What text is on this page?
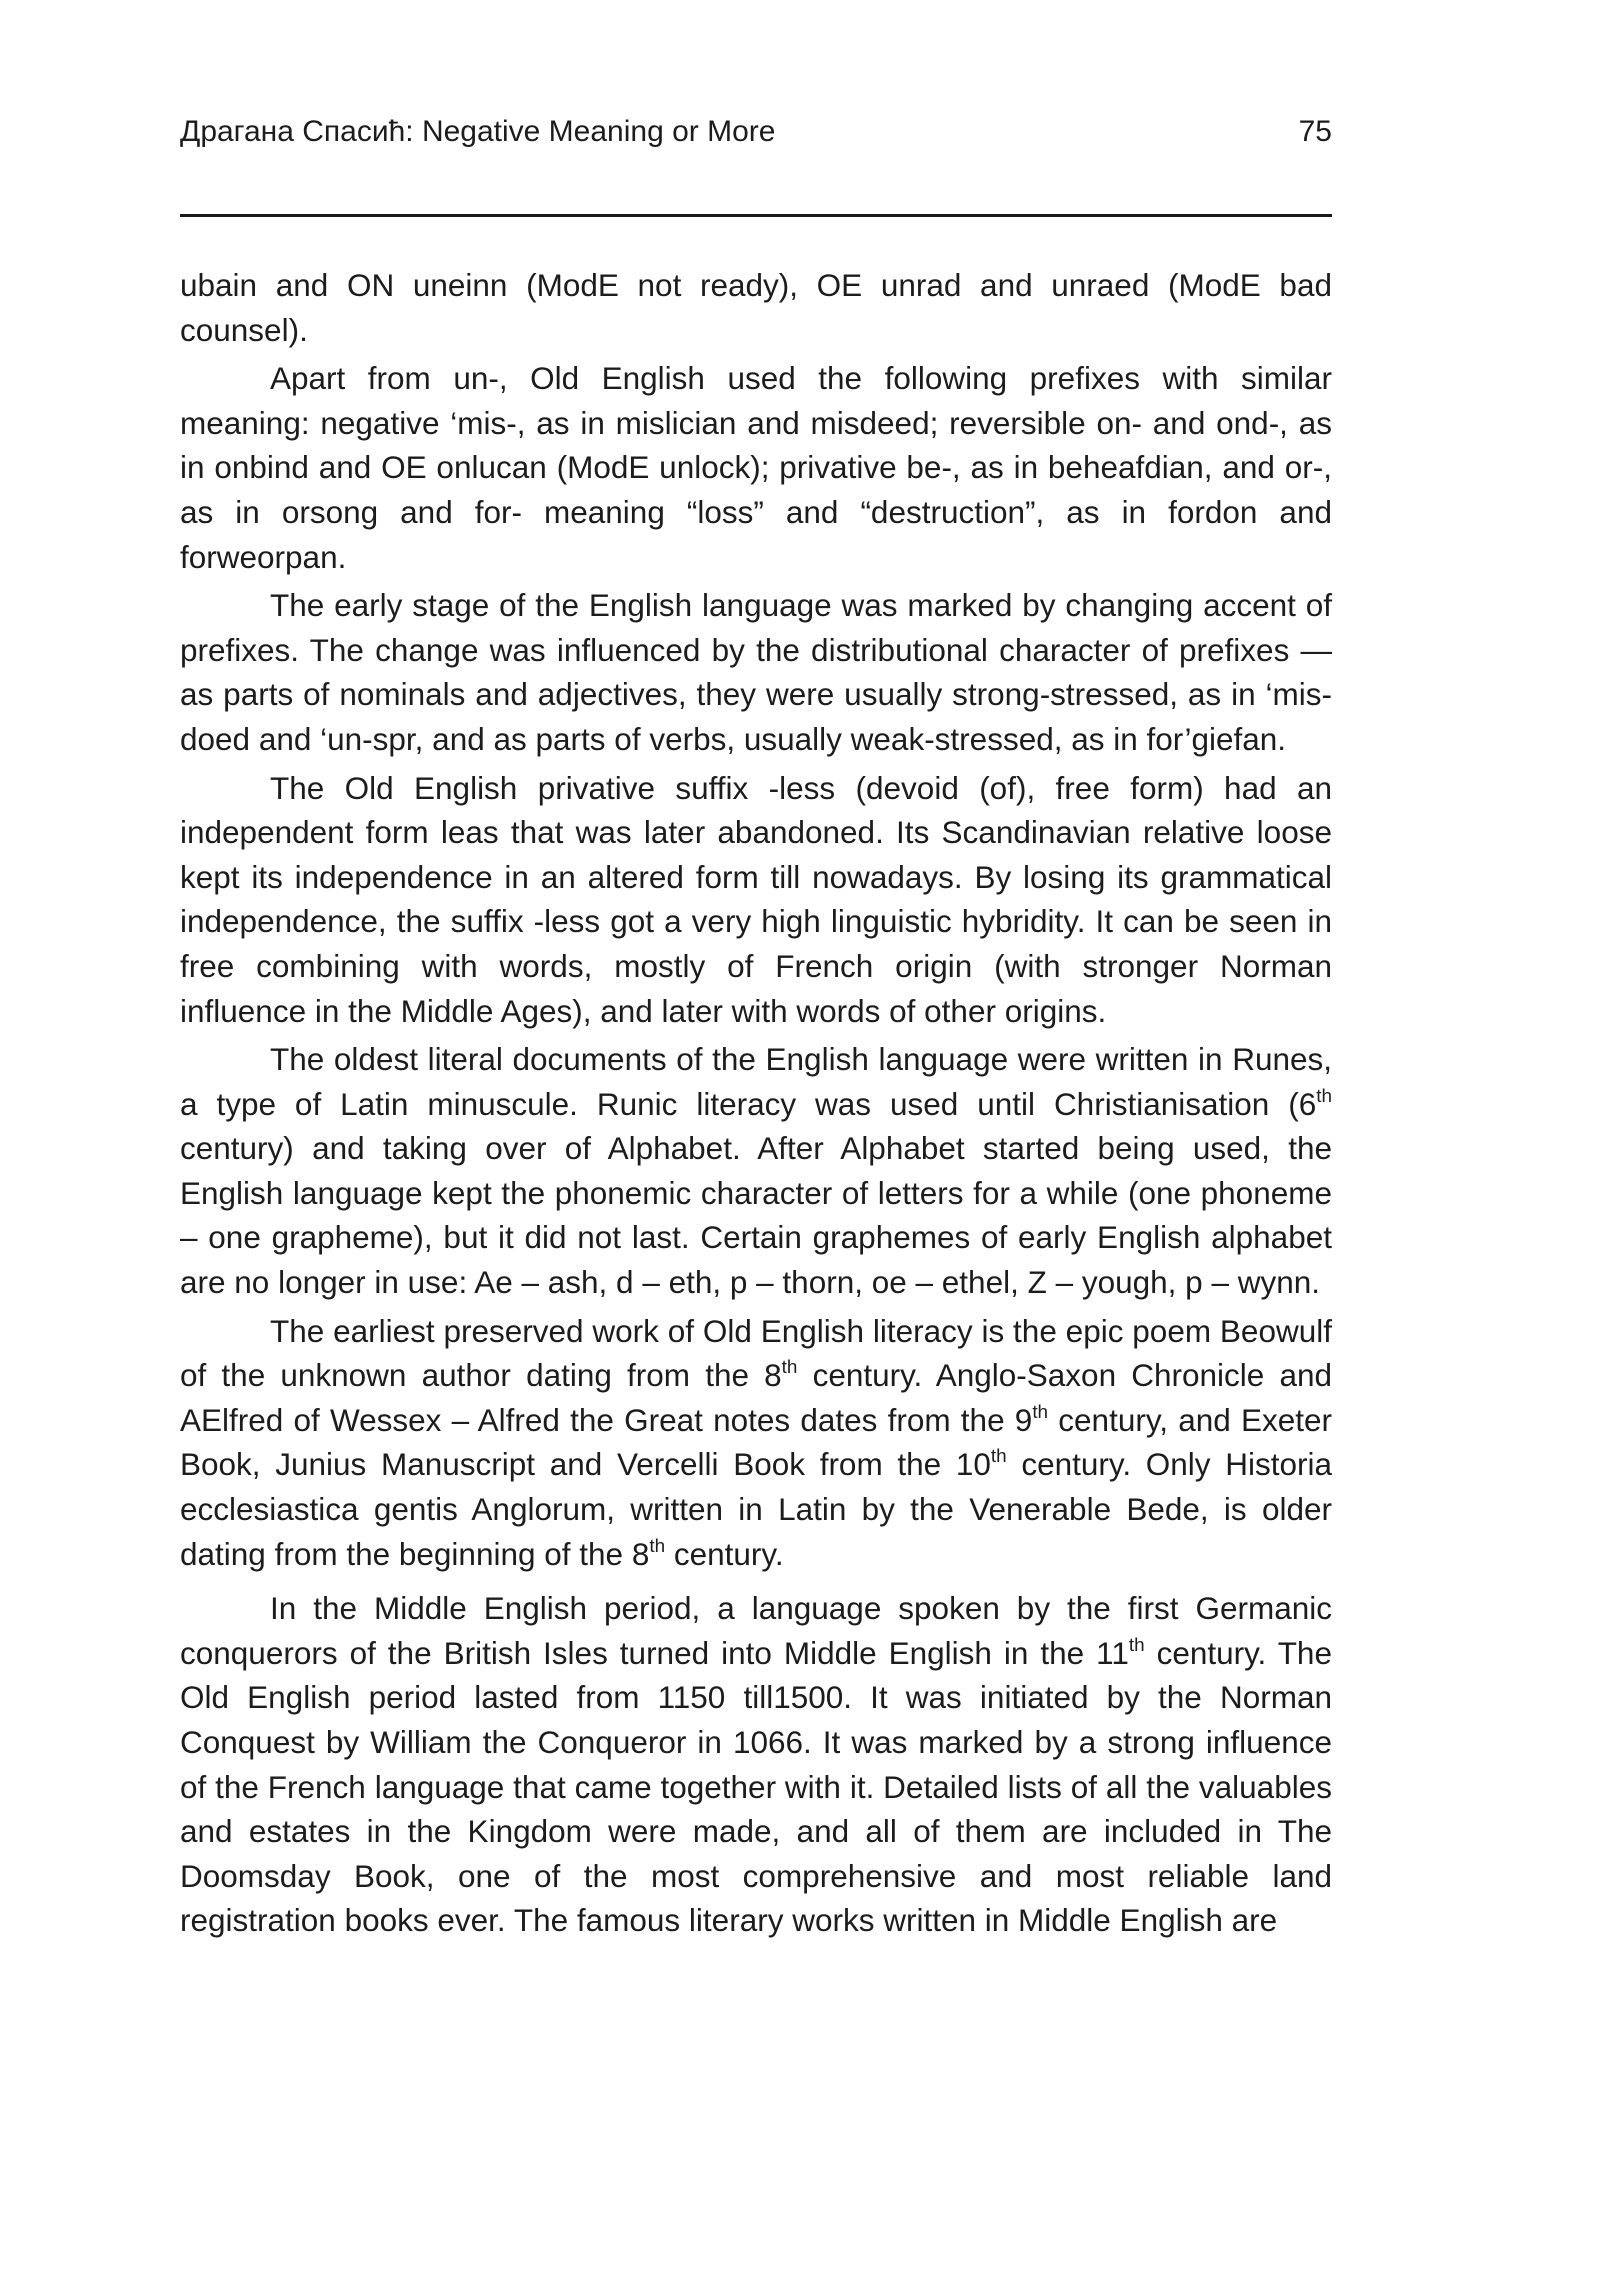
Драгана Спасић: Negative Meaning or More	75

ubain and ON uneinn (ModE not ready), OE unrad and unraed (ModE bad counsel).

Apart from un-, Old English used the following prefixes with similar meaning: negative ‘mis-, as in mislician and misdeed; reversible on- and ond-, as in onbind and OE onlucan (ModE unlock); privative be-, as in beheafdian, and or-, as in orsong and for- meaning “loss” and “destruction”, as in fordon and forweorpan.

The early stage of the English language was marked by changing accent of prefixes. The change was influenced by the distributional character of prefixes — as parts of nominals and adjectives, they were usually strong-stressed, as in ‘mis-doed and ‘un-spr, and as parts of verbs, usually weak-stressed, as in for’giefan.

The Old English privative suffix -less (devoid (of), free form) had an independent form leas that was later abandoned. Its Scandinavian relative loose kept its independence in an altered form till nowadays. By losing its grammatical independence, the suffix -less got a very high linguistic hybridity. It can be seen in free combining with words, mostly of French origin (with stronger Norman influence in the Middle Ages), and later with words of other origins.

The oldest literal documents of the English language were written in Runes, a type of Latin minuscule. Runic literacy was used until Christianisation (6th century) and taking over of Alphabet. After Alphabet started being used, the English language kept the phonemic character of letters for a while (one phoneme – one grapheme), but it did not last. Certain graphemes of early English alphabet are no longer in use: Ae – ash, d – eth, p – thorn, oe – ethel, Z – yough, p – wynn.

The earliest preserved work of Old English literacy is the epic poem Beowulf of the unknown author dating from the 8th century. Anglo-Saxon Chronicle and AElfred of Wessex – Alfred the Great notes dates from the 9th century, and Exeter Book, Junius Manuscript and Vercelli Book from the 10th century. Only Historia ecclesiastica gentis Anglorum, written in Latin by the Venerable Bede, is older dating from the beginning of the 8th century.

In the Middle English period, a language spoken by the first Germanic conquerors of the British Isles turned into Middle English in the 11th century. The Old English period lasted from 1150 till1500. It was initiated by the Norman Conquest by William the Conqueror in 1066. It was marked by a strong influence of the French language that came together with it. Detailed lists of all the valuables and estates in the Kingdom were made, and all of them are included in The Doomsday Book, one of the most comprehensive and most reliable land registration books ever. The famous literary works written in Middle English are
